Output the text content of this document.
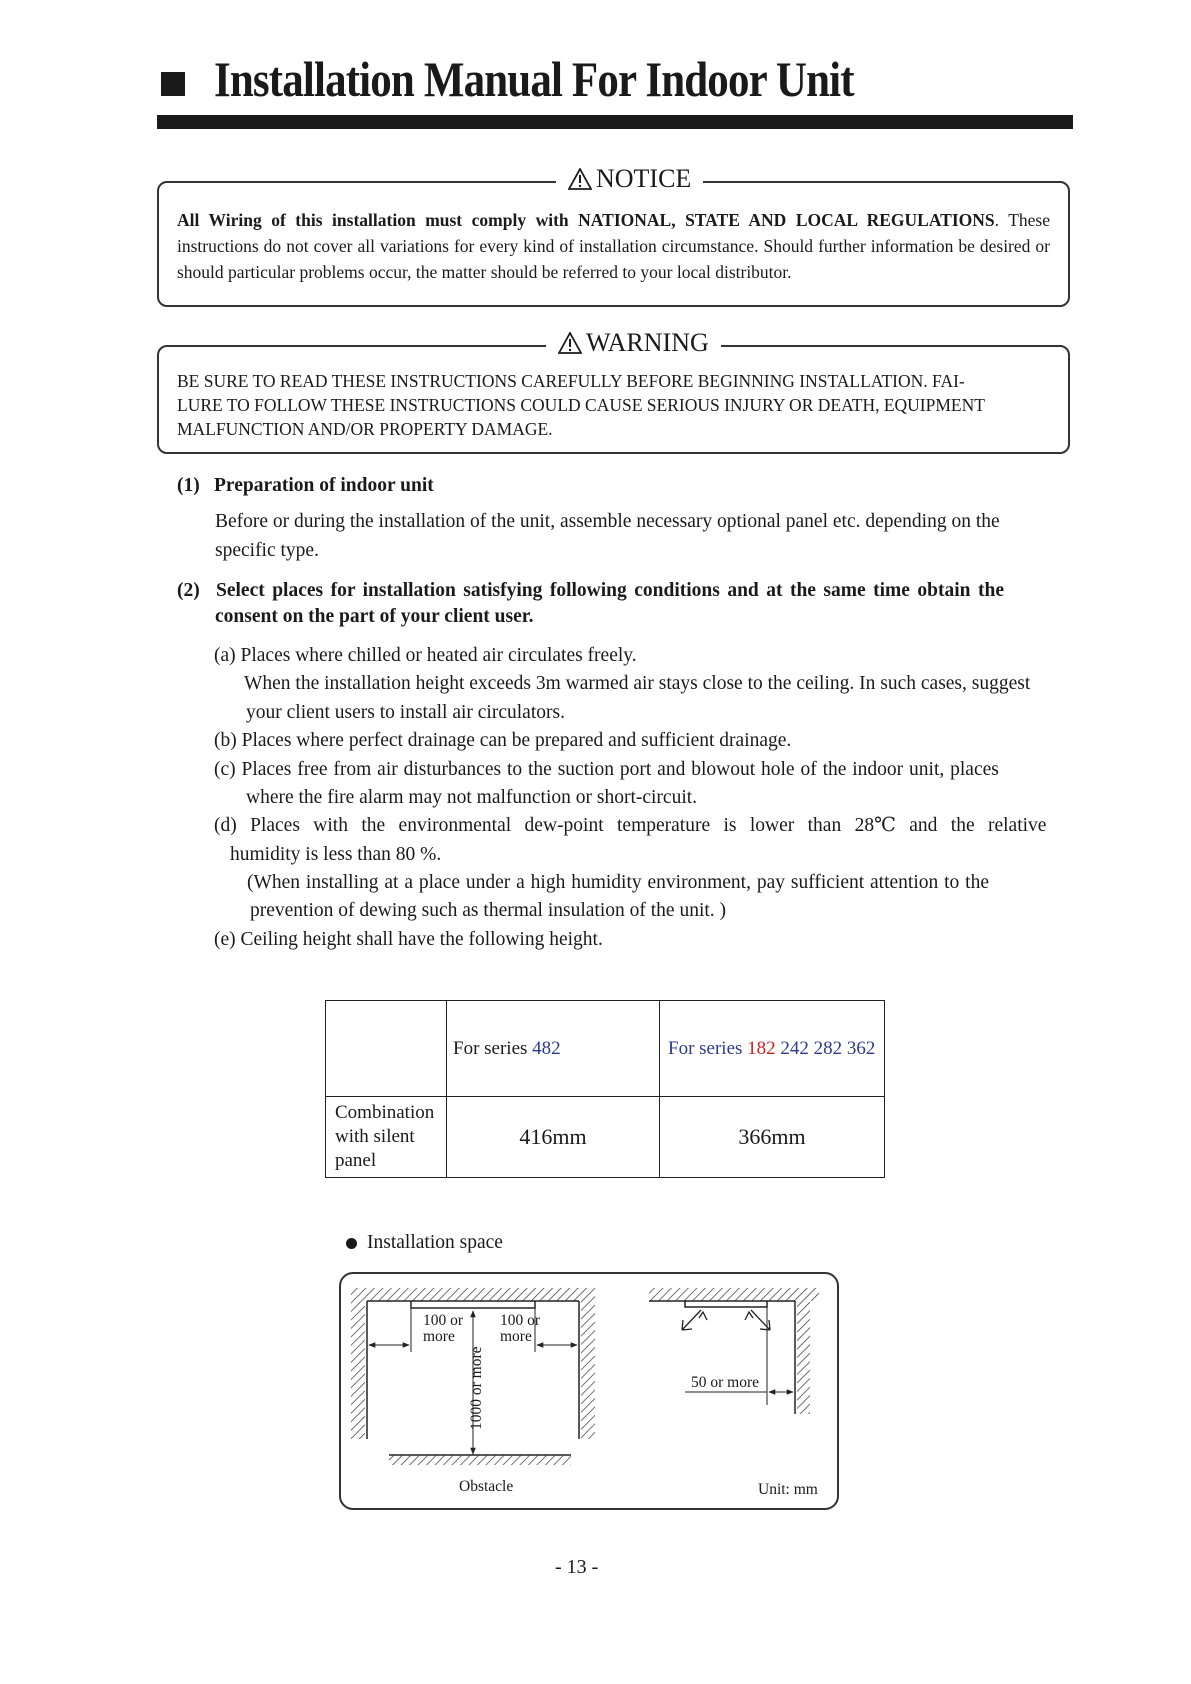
Installation Manual For Indoor Unit
NOTICE
All Wiring of this installation must comply with NATIONAL, STATE AND LOCAL REGULATIONS. These instructions do not cover all variations for every kind of installation circumstance. Should further information be desired or should particular problems occur, the matter should be referred to your local distributor.
WARNING
BE SURE TO READ THESE INSTRUCTIONS CAREFULLY BEFORE BEGINNING INSTALLATION. FAI-
LURE TO FOLLOW THESE INSTRUCTIONS COULD CAUSE SERIOUS INJURY OR DEATH, EQUIPMENT
MALFUNCTION AND/OR PROPERTY DAMAGE.
(1) Preparation of indoor unit
Before or during the installation of the unit, assemble necessary optional panel etc. depending on the
specific type.
(2) Select places for installation satisfying following conditions and at the same time obtain the
consent on the part of your client user.
(a) Places where chilled or heated air circulates freely.
When the installation height exceeds 3m warmed air stays close to the ceiling. In such cases, suggest
your client users to install air circulators.
(b) Places where perfect drainage can be prepared and sufficient drainage.
(c) Places free from air disturbances to the suction port and blowout hole of the indoor unit, places
where the fire alarm may not malfunction or short-circuit.
(d) Places with the environmental dew-point temperature is lower than 28℃ and the relative
humidity is less than 80 %.
(When installing at a place under a high humidity environment, pay sufficient attention to the
prevention of dewing such as thermal insulation of the unit. )
(e) Ceiling height shall have the following height.
	For series 482	For series 182 242 282 362
Combination with silent panel	416mm	366mm
Installation space
100 or more
100 or more
1000 or more	50 or more
Obstacle	Unit: mm
- 13 -
